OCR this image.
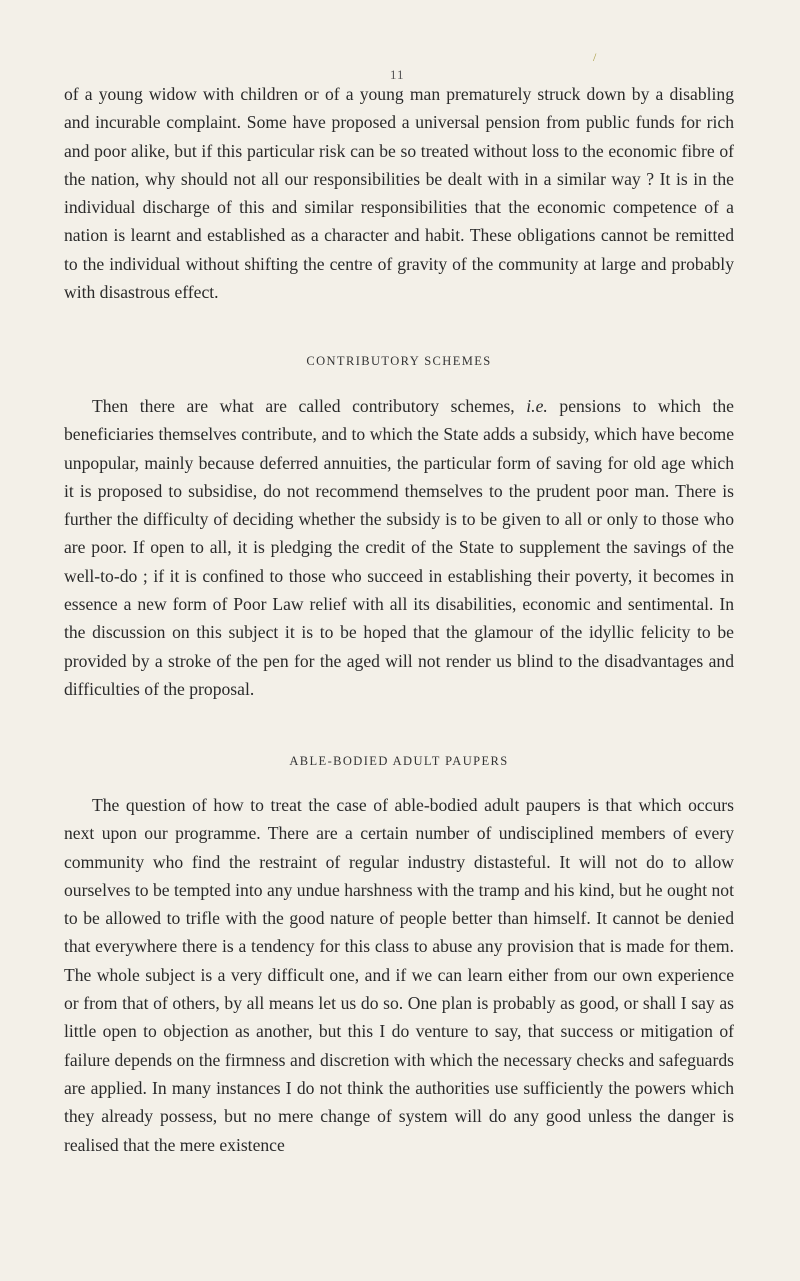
/
11

of a young widow with children or of a young man prematurely struck down by a disabling and incurable complaint. Some have proposed a universal pension from public funds for rich and poor alike, but if this particular risk can be so treated without loss to the economic fibre of the nation, why should not all our responsibilities be dealt with in a similar way ? It is in the individual discharge of this and similar responsibilities that the economic competence of a nation is learnt and established as a character and habit. These obligations cannot be remitted to the individual without shifting the centre of gravity of the community at large and probably with disastrous effect.

CONTRIBUTORY SCHEMES

Then there are what are called contributory schemes, i.e. pensions to which the beneficiaries themselves contribute, and to which the State adds a subsidy, which have become unpopular, mainly because deferred annuities, the particular form of saving for old age which it is proposed to subsidise, do not recommend themselves to the prudent poor man. There is further the difficulty of deciding whether the subsidy is to be given to all or only to those who are poor. If open to all, it is pledging the credit of the State to supplement the savings of the well-to-do ; if it is confined to those who succeed in establishing their poverty, it becomes in essence a new form of Poor Law relief with all its disabilities, economic and sentimental. In the discussion on this subject it is to be hoped that the glamour of the idyllic felicity to be provided by a stroke of the pen for the aged will not render us blind to the disadvantages and difficulties of the proposal.

ABLE-BODIED ADULT PAUPERS

The question of how to treat the case of able-bodied adult paupers is that which occurs next upon our programme. There are a certain number of undisciplined members of every community who find the restraint of regular industry distasteful. It will not do to allow ourselves to be tempted into any undue harshness with the tramp and his kind, but he ought not to be allowed to trifle with the good nature of people better than himself. It cannot be denied that everywhere there is a tendency for this class to abuse any provision that is made for them. The whole subject is a very difficult one, and if we can learn either from our own experience or from that of others, by all means let us do so. One plan is probably as good, or shall I say as little open to objection as another, but this I do venture to say, that success or mitigation of failure depends on the firmness and discretion with which the necessary checks and safeguards are applied. In many instances I do not think the authorities use sufficiently the powers which they already possess, but no mere change of system will do any good unless the danger is realised that the mere existence
